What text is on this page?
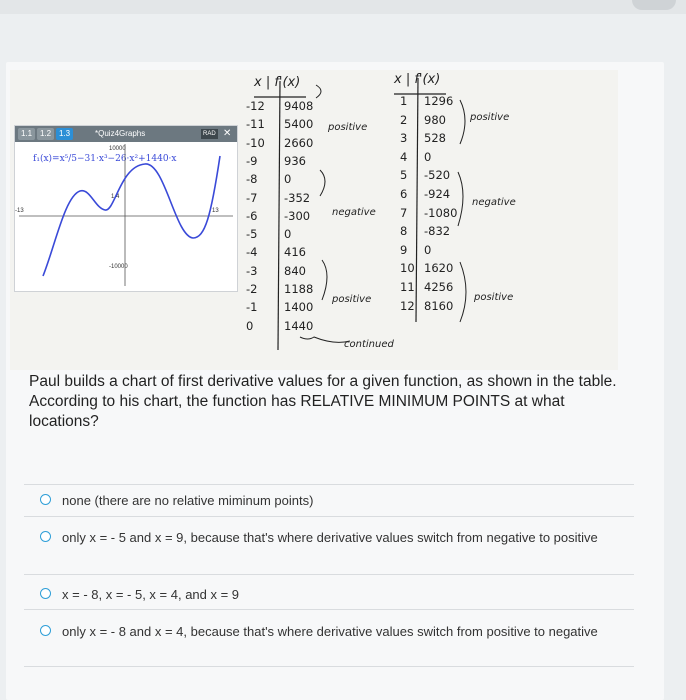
1.1 1.2 1.3	*Quiz4Graphs	RAD ✕
10000
f₁(x)=x⁵/5−31·x³−26·x²+1440·x
-13	13
1.4
-10000
x | f'(x)
-12 9408
-11 5400
-10 2660
-9 936
-8 0
-7 -352
-6 -300
-5 0
-4 416
-3 840
-2 1188
-1 1400
0	1440
positive
negative
positive
continued
x | f'(x)
1 1296
2 980
3 528
4 0
5 -520
6 -924
7 -1080
8 -832
9 0
10 1620
11 4256
12 8160
positive
negative
positive
Paul builds a chart of first derivative values for a given function, as shown in the table. According to his chart, the function has RELATIVE MINIMUM POINTS at what locations?
none (there are no relative miminum points)
only x = - 5 and x = 9, because that's where derivative values switch from negative to positive
x = - 8, x = - 5, x = 4, and x = 9
only x = - 8 and x = 4, because that's where derivative values switch from positive to negative
